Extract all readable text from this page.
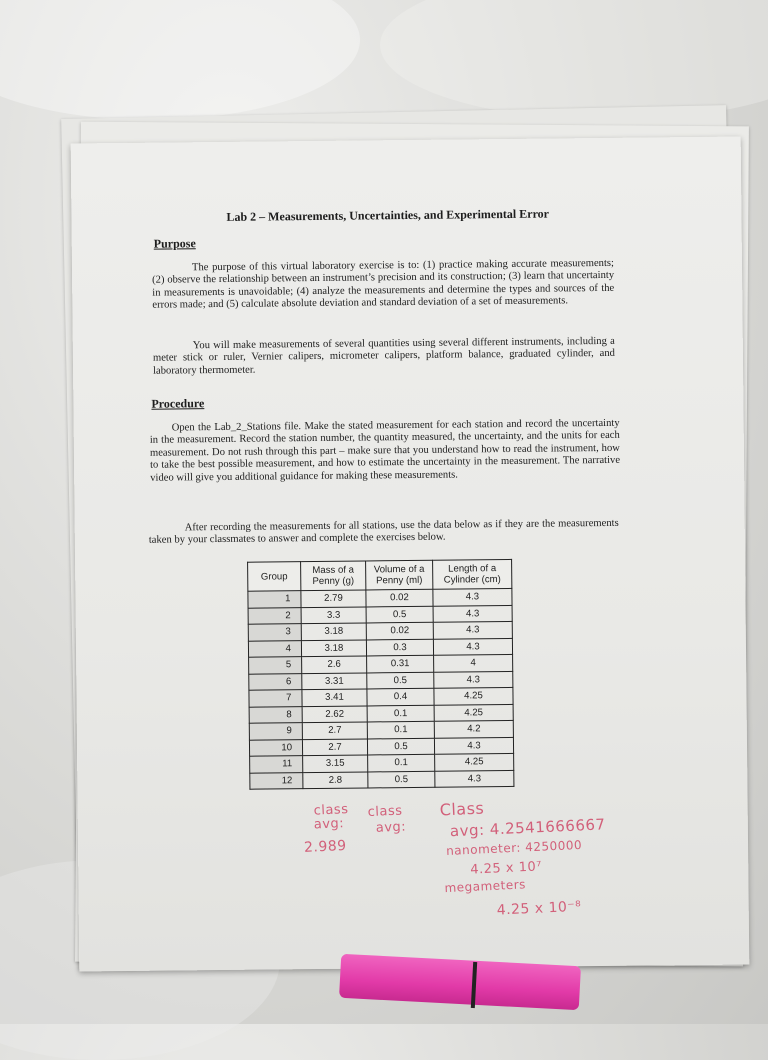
Lab 2 – Measurements, Uncertainties, and Experimental Error
Purpose
The purpose of this virtual laboratory exercise is to: (1) practice making accurate measurements; (2) observe the relationship between an instrument’s precision and its construction; (3) learn that uncertainty in measurements is unavoidable; (4) analyze the measurements and determine the types and sources of the errors made; and (5) calculate absolute deviation and standard deviation of a set of measurements.
You will make measurements of several quantities using several different instruments, including a meter stick or ruler, Vernier calipers, micrometer calipers, platform balance, graduated cylinder, and laboratory thermometer.
Procedure
Open the Lab_2_Stations file. Make the stated measurement for each station and record the uncertainty in the measurement. Record the station number, the quantity measured, the uncertainty, and the units for each measurement. Do not rush through this part – make sure that you understand how to read the instrument, how to take the best possible measurement, and how to estimate the uncertainty in the measurement. The narrative video will give you additional guidance for making these measurements.
After recording the measurements for all stations, use the data below as if they are the measurements taken by your classmates to answer and complete the exercises below.
Group	Mass of a Penny (g)	Volume of a Penny (ml)	Length of a Cylinder (cm)
1	2.79	0.02	4.3
2	3.3	0.5	4.3
3	3.18	0.02	4.3
4	3.18	0.3	4.3
5	2.6	0.31	4
6	3.31	0.5	4.3
7	3.41	0.4	4.25
8	2.62	0.1	4.25
9	2.7	0.1	4.2
10	2.7	0.5	4.3
11	3.15	0.1	4.25
12	2.8	0.5	4.3
class
avg:
2.989
class
avg:
Class
avg: 4.2541666667
nanometer: 4250000
4.25 x 10⁷
megameters
4.25 x 10⁻⁸
